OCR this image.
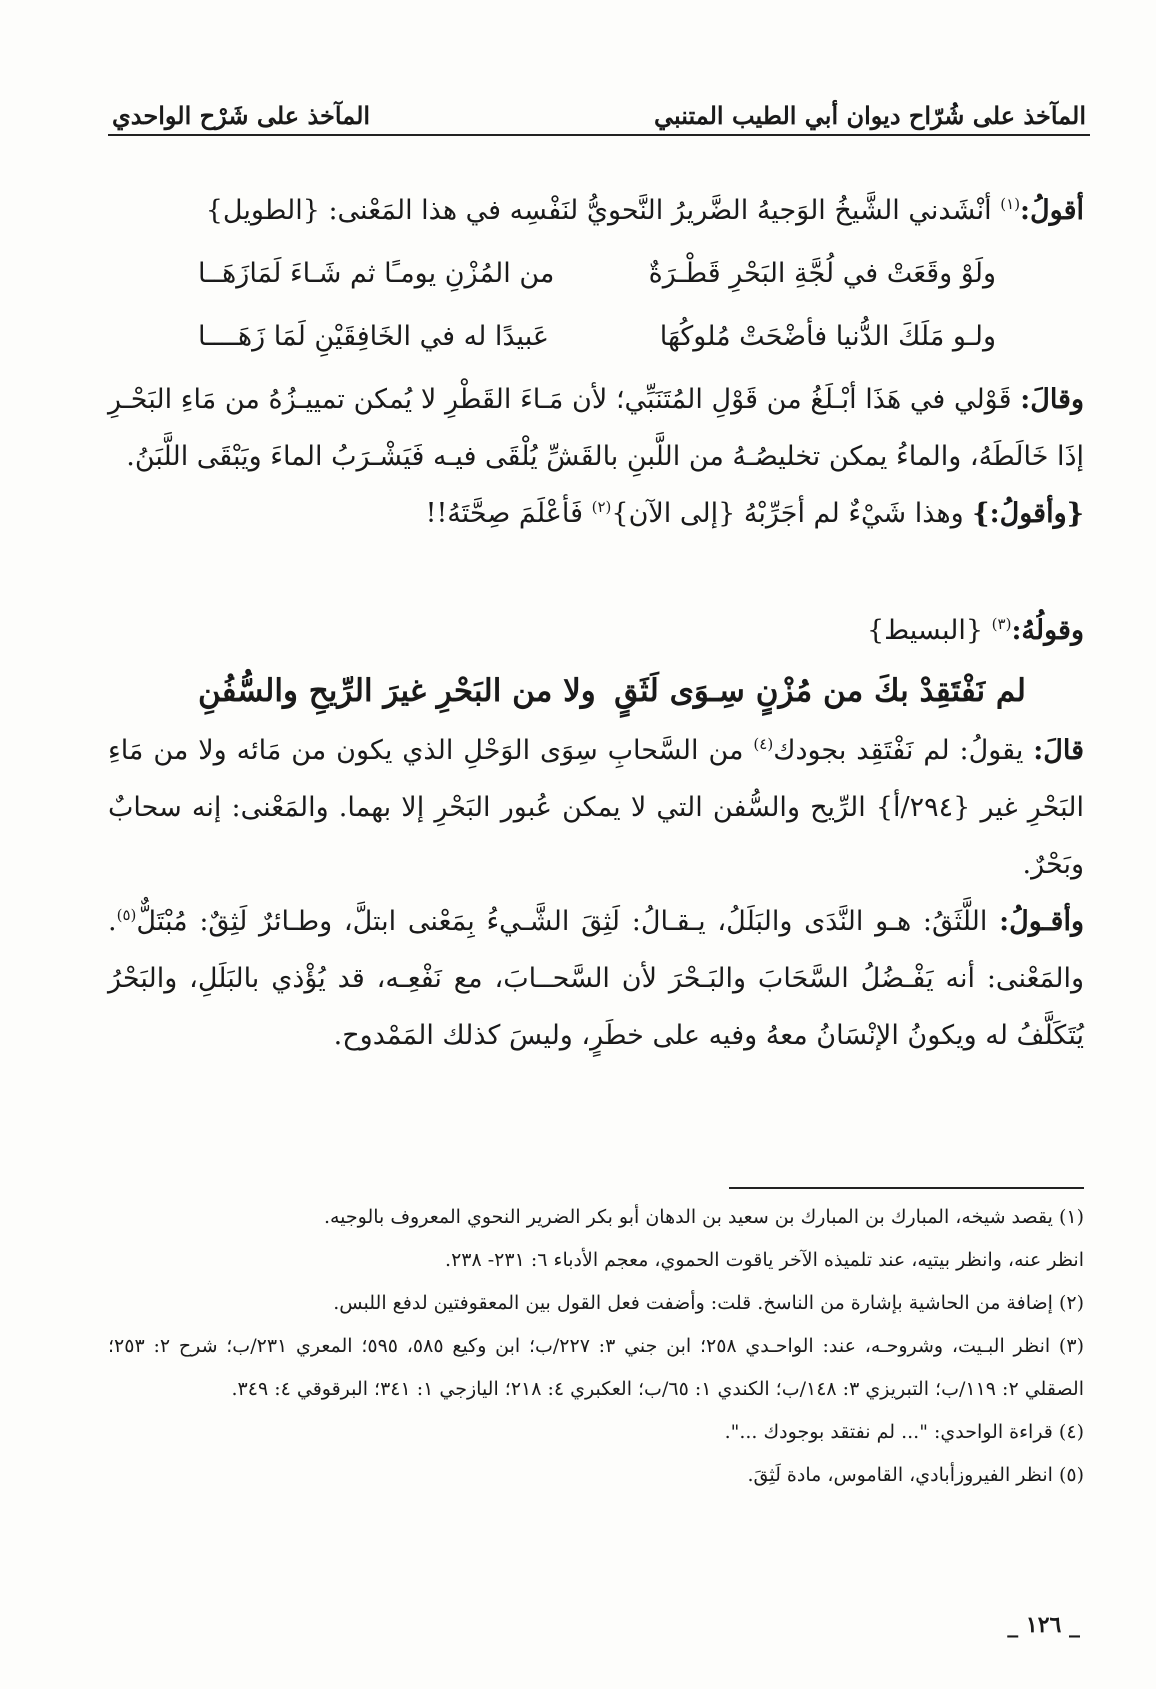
المآخذ على شُرّاح ديوان أبي الطيب المتنبي
المآخذ على شَرْح الواحدي

أقولُ:$^{(١)}$ أنْشَدني الشَّيخُ الوَجيهُ الضَّريرُ النَّحويُّ لنَفْسِه في هذا المَعْنى: {الطويل}

ولَوْ وقَعَتْ في لُجَّةِ البَحْرِ قَطْـرَةٌ
من المُزْنِ يومـًا ثم شَـاءَ لَمَازَهَــا
ولـو مَلَكَ الدُّنيا فأضْحَتْ مُلوكُهَا
عَبيدًا له في الخَافِقَيْنِ لَمَا زَهَــــا

وقالَ: قَوْلي في هَذَا أبْـلَغُ من قَوْلِ المُتَنَبِّي؛ لأن مَـاءَ القَطْرِ لا يُمكن تمييـزُهُ من مَاءِ البَحْـرِ إذَا خَالَطَهُ، والماءُ يمكن تخليصُـهُ من اللَّبنِ بالقَشِّ يُلْقَى فيـه فَيَشْـرَبُ الماءَ ويَبْقَى اللَّبَنُ.

{وأقولُ:} وهذا شَيْءٌ لم أجَرِّبْهُ {إلى الآن}$^{(٢)}$ فَأعْلَمَ صِحَّتَهُ!!

وقولُهُ:$^{(٣)}$ {البسيط}

لم نَفْتَقِدْ بكَ من مُزْنٍ سِـوَى لَثَقٍ
ولا من البَحْرِ غيرَ الرِّيحِ والسُّفُنِ

قالَ: يقولُ: لم نَفْتَقِد بجودك$^{(٤)}$ من السَّحابِ سِوَى الوَحْلِ الذي يكون من مَائه ولا من مَاءِ البَحْرِ غير {٢٩٤/أ} الرِّيح والسُّفن التي لا يمكن عُبور البَحْرِ إلا بهما. والمَعْنى: إنه سحابٌ وبَحْرٌ.

وأقـولُ: اللَّثَقُ: هـو النَّدَى والبَلَلُ، يـقـالُ: لَثِقَ الشَّـيءُ بِمَعْنى ابتلَّ، وطـائرٌ لَثِقٌ: مُبْتَلٌّ$^{(٥)}$. والمَعْنى: أنه يَفْـضُلُ السَّحَابَ والبَـحْرَ لأن السَّحــابَ، مع نَفْعِـه، قد يُؤْذي بالبَلَلِ، والبَحْرُ يُتَكَلَّفُ له ويكونُ الإنْسَانُ معهُ وفيه على خطَرٍ، وليسَ كذلك المَمْدوح.

(١) يقصد شيخه، المبارك بن المبارك بن سعيد بن الدهان أبو بكر الضرير النحوي المعروف بالوجيه.

انظر عنه، وانظر بيتيه، عند تلميذه الآخر ياقوت الحموي، معجم الأدباء ٦: ٢٣١- ٢٣٨.

(٢) إضافة من الحاشية بإشارة من الناسخ. قلت: وأضفت فعل القول بين المعقوفتين لدفع اللبس.

(٣) انظر البـيت، وشروحـه، عند: الواحـدي ٢٥٨؛ ابن جني ٣: ٢٢٧/ب؛ ابن وكيع ٥٨٥، ٥٩٥؛ المعري ٢٣١/ب؛ شرح ٢: ٢٥٣؛ الصقلي ٢: ١١٩/ب؛ التبريزي ٣: ١٤٨/ب؛ الكندي ١: ٦٥/ب؛ العكبري ٤: ٢١٨؛ اليازجي ١: ٣٤١؛ البرقوقي ٤: ٣٤٩.

(٤) قراءة الواحدي: "... لم نفتقد بوجودك ...".

(٥) انظر الفيروزأبادي، القاموس، مادة لَثِقَ.

_ ١٢٦ _
